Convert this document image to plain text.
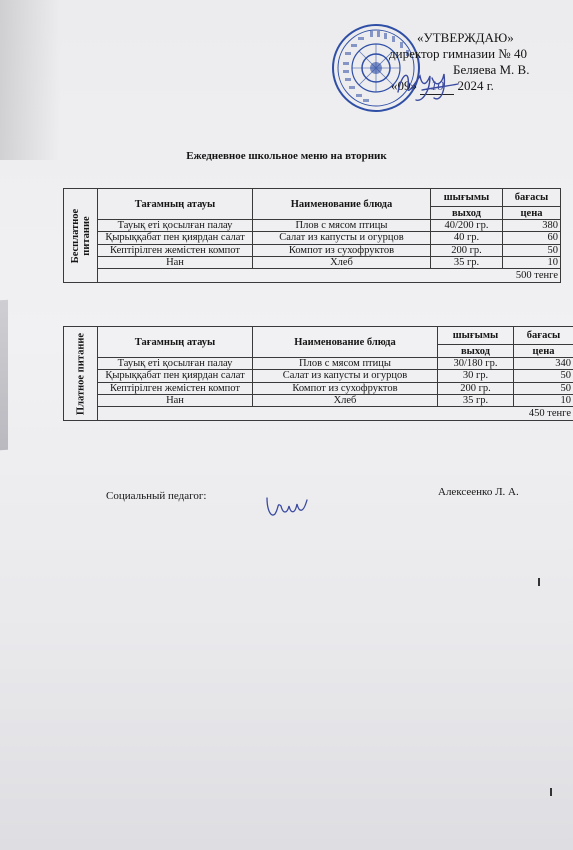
«УТВЕРЖДАЮ»
директор гимназии № 40
Беляева М. В.
«09» 10 2024 г.
Ежедневное школьное меню на вторник
Бесплатное питание	Тағамның атауы	Наименование блюда	шығымы	бағасы
			выход	цена
	Тауық еті қосылған палау	Плов с мясом птицы	40/200 гр.	380
	Қырыққабат пен қиярдан салат	Салат из капусты и огурцов	40 гр.	60
	Кептірілген жемістен компот	Компот из сухофруктов	200 гр.	50
	Нан	Хлеб	35 гр.	10
	500 тенге			
Платное питание	Тағамның атауы	Наименование блюда	шығымы	бағасы
			выход	цена
	Тауық еті қосылған палау	Плов с мясом птицы	30/180 гр.	340
	Қырыққабат пен қиярдан салат	Салат из капусты и огурцов	30 гр.	50
	Кептірілген жемістен компот	Компот из сухофруктов	200 гр.	50
	Нан	Хлеб	35 гр.	10
	450 тенге			
Социальный педагог:	Алексеенко Л. А.
